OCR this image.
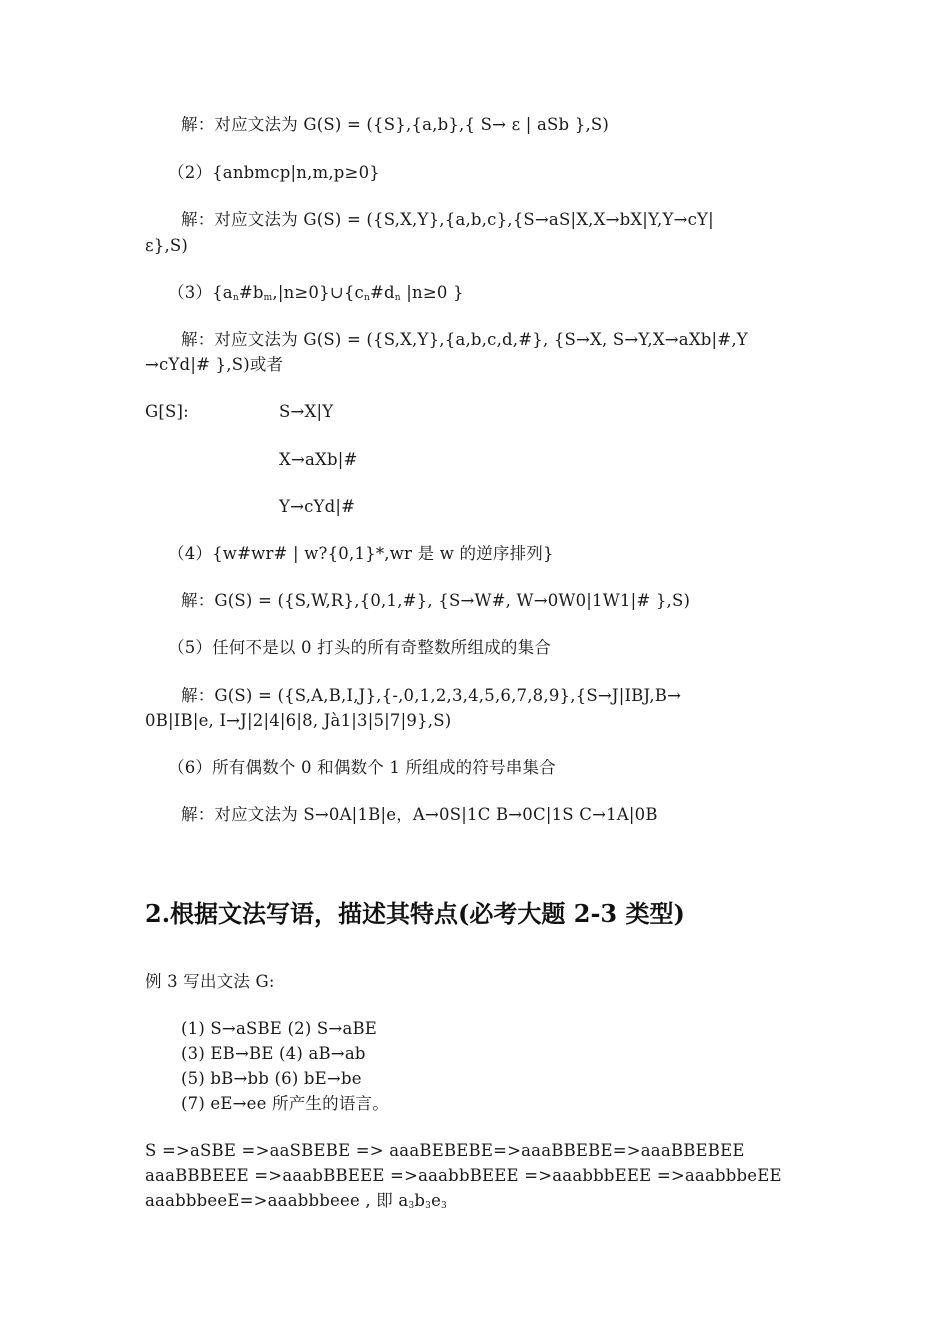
解：对应文法为 G(S) = ({S},{a,b},{ S→ ε | aSb },S)
（2）{anbmcp|n,m,p≥0}
解：对应文法为 G(S) = ({S,X,Y},{a,b,c},{S→aS|X,X→bX|Y,Y→cY|
ε},S)
$(3)\{a_n\#b_m,|n\ge 0\}\cup\{c_n\#d_n$ |n≥0 }
解：对应文法为 G(S) = ({S,X,Y},{a,b,c,d,#}, {S→X, S→Y,X→aXb|#,Y
→cYd|# },S)或者
G[S]:	S→X|Y
X→aXb|#
Y→cYd|#
（4）{w#wr# | w?{0,1}*,wr 是 w 的逆序排列}
解：G(S) = ({S,W,R},{0,1,#}, {S→W#, W→0W0|1W1|# },S)
（5）任何不是以 0 打头的所有奇整数所组成的集合
解：G(S) = ({S,A,B,I,J},{-,0,1,2,3,4,5,6,7,8,9},{S→J|IBJ,B→
0B|IB|e, I→J|2|4|6|8, Jà1|3|5|7|9},S)
（6）所有偶数个 0 和偶数个 1 所组成的符号串集合
解：对应文法为 S→0A|1B|e，A→0S|1C B→0C|1S C→1A|0B
2.根据文法写语，描述其特点(必考大题 2-3 类型)
例 3 写出文法 G:
(1) S→aSBE (2) S→aBE
(3) EB→BE (4) aB→ab
(5) bB→bb (6) bE→be
(7) eE→ee 所产生的语言。
S =>aSBE =>aaSBEBE => aaaBEBEBE=>aaaBBEBE=>aaaBBEBEE
aaaBBBEEE =>aaabBBEEE =>aaabbBEEE =>aaabbbEEE =>aaabbbeEE
aaabbbeeE=>aaabbbeee , 即 $a_3b_3e_3$
